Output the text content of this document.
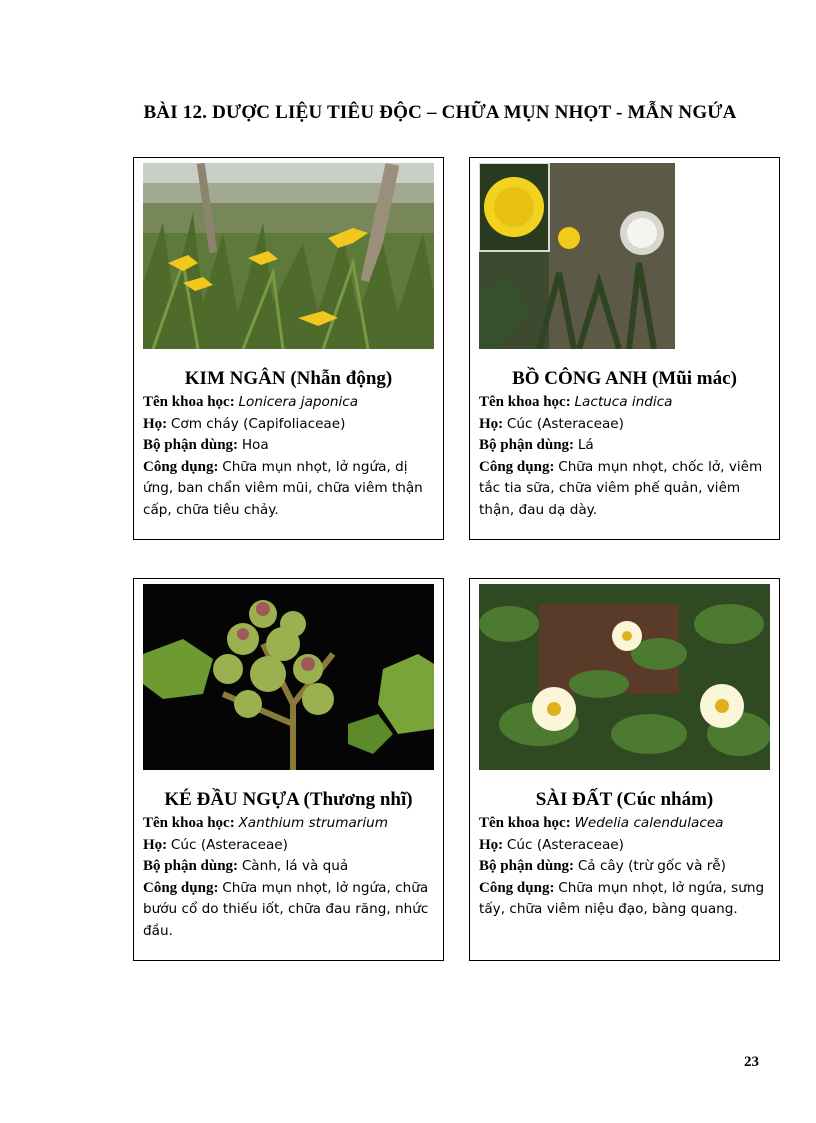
BÀI 12. DƯỢC LIỆU TIÊU ĐỘC – CHỮA MỤN NHỌT - MẪN NGỨA
KIM NGÂN (Nhẫn động)

Tên khoa học: Lonicera japonica

Họ: Cơm cháy (Capifoliaceae)

Bộ phận dùng: Hoa

Công dụng: Chữa mụn nhọt, lở ngứa, dị ứng, ban chẩn viêm mũi, chữa viêm thận cấp, chữa tiêu chảy.

BỒ CÔNG ANH (Mũi mác)

Tên khoa học: Lactuca indica

Họ: Cúc (Asteraceae)

Bộ phận dùng: Lá

Công dụng: Chữa mụn nhọt, chốc lở, viêm tắc tia sữa, chữa viêm phế quản, viêm thận, đau dạ dày.

KÉ ĐẦU NGỰA (Thương nhĩ)

Tên khoa học: Xanthium strumarium

Họ: Cúc (Asteraceae)

Bộ phận dùng: Cành, lá và quả

Công dụng: Chữa mụn nhọt, lở ngứa, chữa bướu cổ do thiếu iốt, chữa đau răng, nhức đầu.

SÀI ĐẤT (Cúc nhám)

Tên khoa học: Wedelia calendulacea

Họ: Cúc (Asteraceae)

Bộ phận dùng: Cả cây (trừ gốc và rễ)

Công dụng: Chữa mụn nhọt, lở ngứa, sưng tấy, chữa viêm niệu đạo, bàng quang.

23
